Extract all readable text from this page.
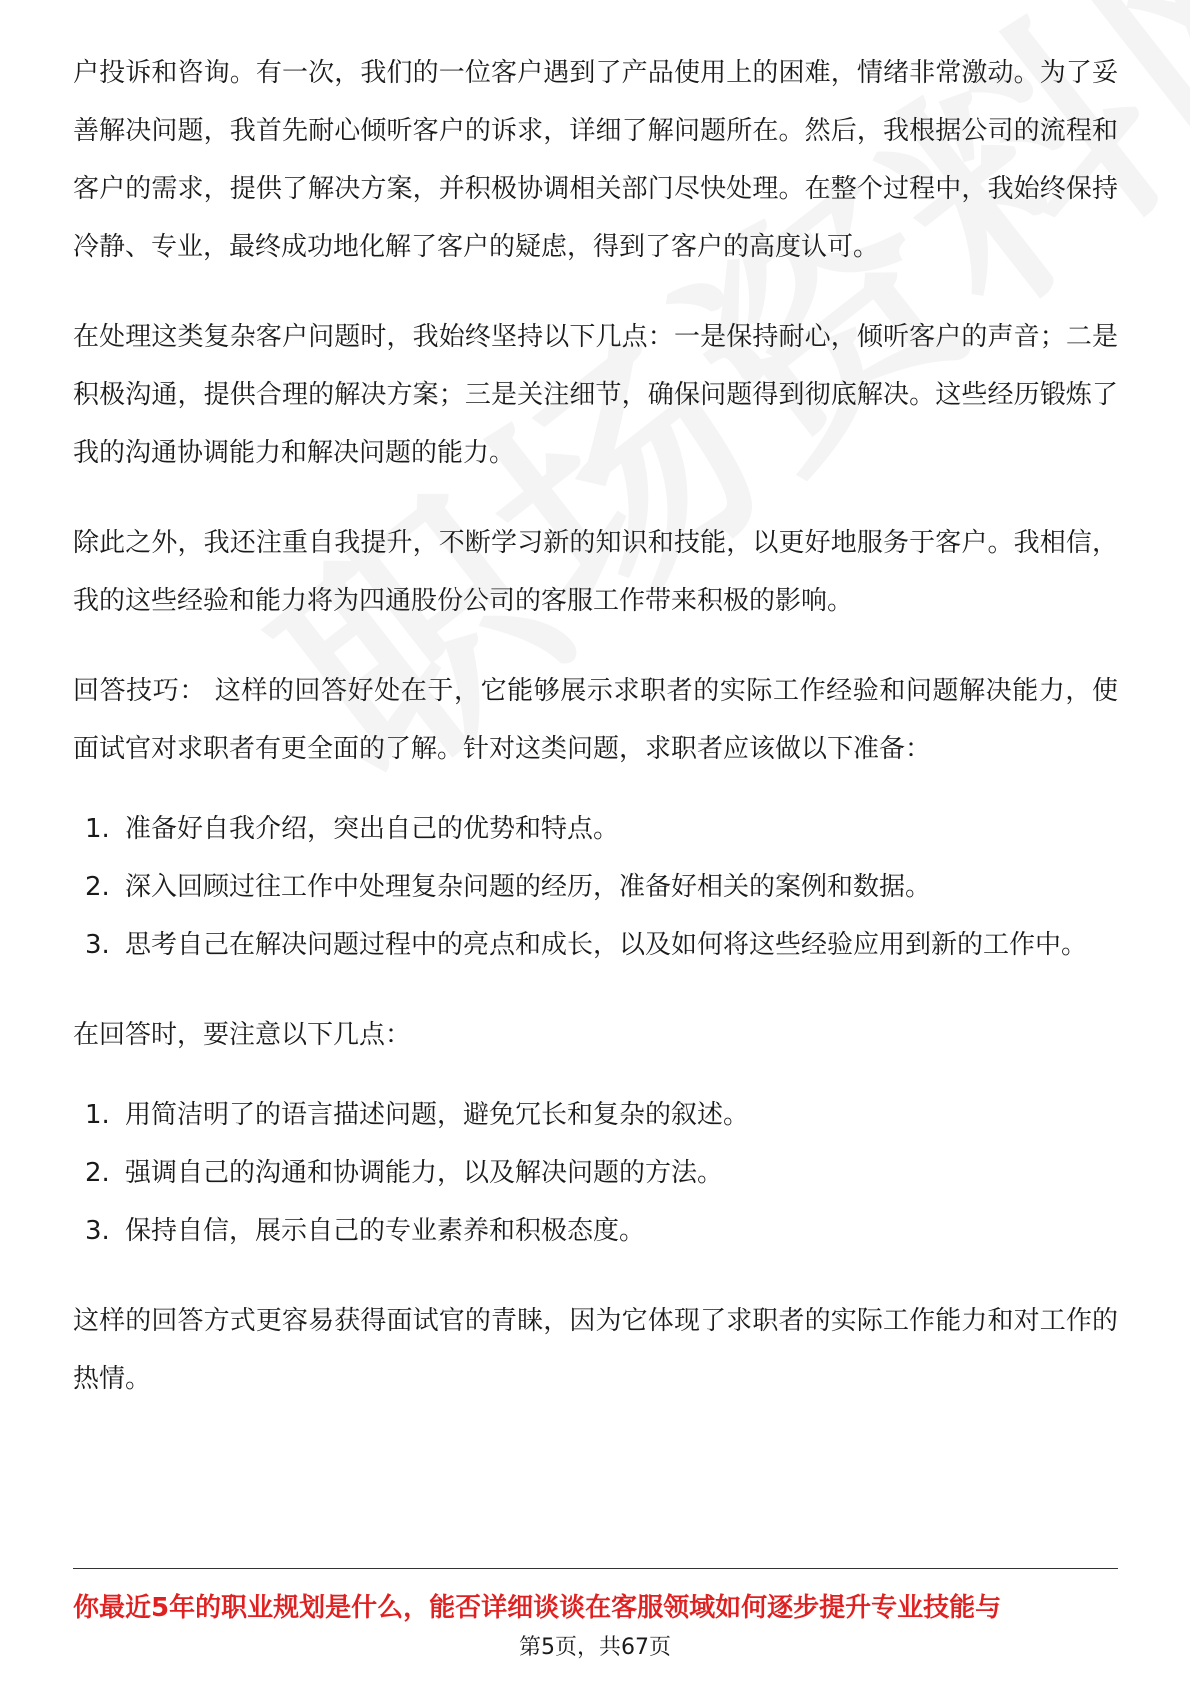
户投诉和咨询。有一次，我们的一位客户遇到了产品使用上的困难，情绪非常激动。为了妥善解决问题，我首先耐心倾听客户的诉求，详细了解问题所在。然后，我根据公司的流程和客户的需求，提供了解决方案，并积极协调相关部门尽快处理。在整个过程中，我始终保持冷静、专业，最终成功地化解了客户的疑虑，得到了客户的高度认可。

在处理这类复杂客户问题时，我始终坚持以下几点：一是保持耐心，倾听客户的声音；二是积极沟通，提供合理的解决方案；三是关注细节，确保问题得到彻底解决。这些经历锻炼了我的沟通协调能力和解决问题的能力。

除此之外，我还注重自我提升，不断学习新的知识和技能，以更好地服务于客户。我相信，我的这些经验和能力将为四通股份公司的客服工作带来积极的影响。

回答技巧： 这样的回答好处在于，它能够展示求职者的实际工作经验和问题解决能力，使面试官对求职者有更全面的了解。针对这类问题，求职者应该做以下准备：

1. 准备好自我介绍，突出自己的优势和特点。
2. 深入回顾过往工作中处理复杂问题的经历，准备好相关的案例和数据。
3. 思考自己在解决问题过程中的亮点和成长，以及如何将这些经验应用到新的工作中。

在回答时，要注意以下几点：

1. 用简洁明了的语言描述问题，避免冗长和复杂的叙述。
2. 强调自己的沟通和协调能力，以及解决问题的方法。
3. 保持自信，展示自己的专业素养和积极态度。

这样的回答方式更容易获得面试官的青睐，因为它体现了求职者的实际工作能力和对工作的热情。

你最近5年的职业规划是什么，能否详细谈谈在客服领域如何逐步提升专业技能与
第5页，共67页
